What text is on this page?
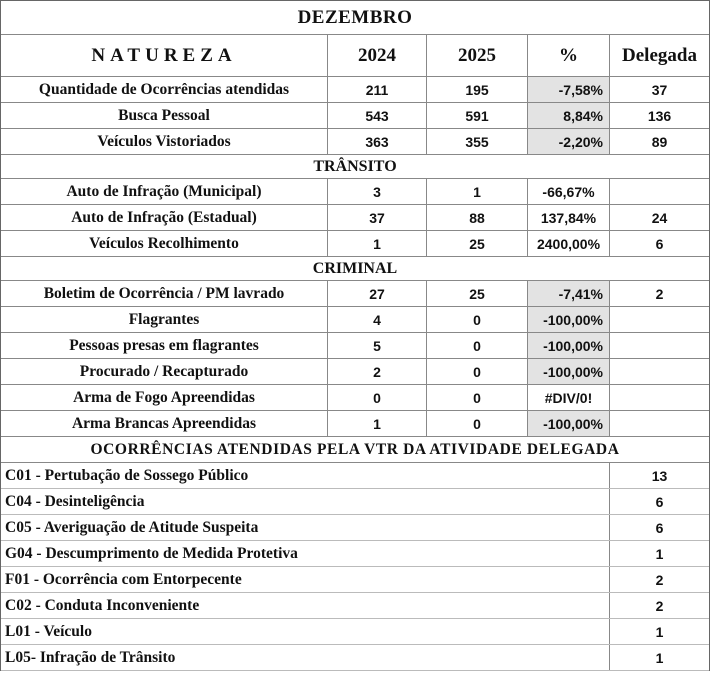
DEZEMBRO
NATUREZA	2024	2025	%	Delegada
Quantidade de Ocorrências atendidas	211	195	-7,58%	37
Busca Pessoal	543	591	8,84%	136
Veículos Vistoriados	363	355	-2,20%	89
TRÂNSITO
Auto de Infração (Municipal)	3	1	-66,67%
Auto de Infração (Estadual)	37	88	137,84%	24
Veículos Recolhimento	1	25	2400,00%	6
CRIMINAL
Boletim de Ocorrência / PM lavrado	27	25	-7,41%	2
Flagrantes	4	0	-100,00%
Pessoas presas em flagrantes	5	0	-100,00%
Procurado / Recapturado	2	0	-100,00%
Arma de Fogo Apreendidas	0	0	#DIV/0!
Arma Brancas Apreendidas	1	0	-100,00%
OCORRÊNCIAS ATENDIDAS PELA VTR DA ATIVIDADE DELEGADA
C01 - Pertubação de Sossego Público	13
C04 - Desinteligência	6
C05 - Averiguação de Atitude Suspeita	6
G04 - Descumprimento de Medida Protetiva	1
F01 - Ocorrência com Entorpecente	2
C02 - Conduta Inconveniente	2
L01 - Veículo	1
L05- Infração de Trânsito	1
